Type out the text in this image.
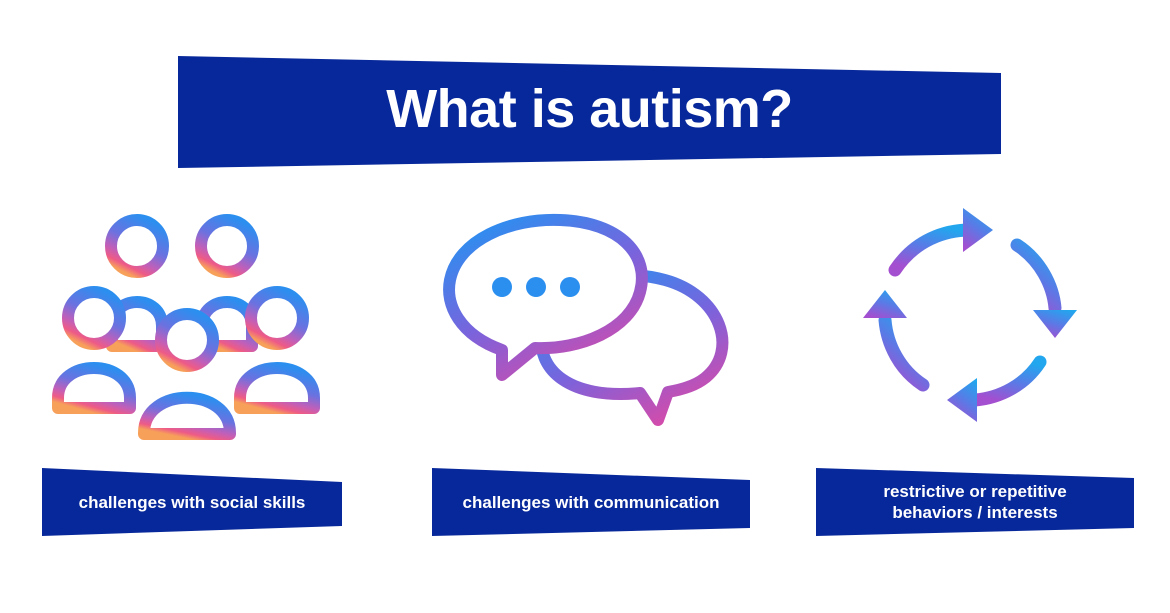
What is autism?
challenges with social skills	challenges with communication
restrictive or repetitive
behaviors / interests
